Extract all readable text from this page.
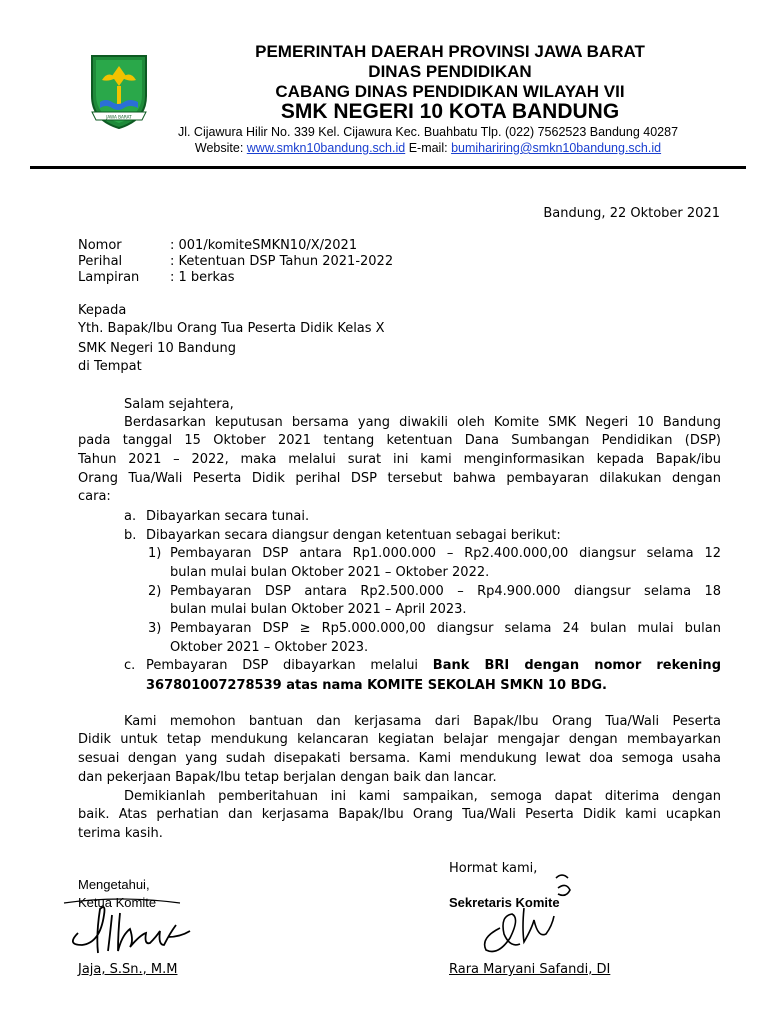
JAWA BARAT
PEMERINTAH DAERAH PROVINSI JAWA BARAT
DINAS PENDIDIKAN
CABANG DINAS PENDIDIKAN WILAYAH VII
SMK NEGERI 10 KOTA BANDUNG
Jl. Cijawura Hilir No. 339 Kel. Cijawura Kec. Buahbatu Tlp. (022) 7562523 Bandung 40287
Website: www.smkn10bandung.sch.id E-mail: bumihariring@smkn10bandung.sch.id
Bandung, 22 Oktober 2021
Nomor	: 001/komiteSMKN10/X/2021
Perihal	: Ketentuan DSP Tahun 2021-2022
Lampiran : 1 berkas
Kepada
Yth. Bapak/Ibu Orang Tua Peserta Didik Kelas X
SMK Negeri 10 Bandung
di Tempat
Salam sejahtera,
Berdasarkan keputusan bersama yang diwakili oleh Komite SMK Negeri 10 Bandung
pada tanggal 15 Oktober 2021 tentang ketentuan Dana Sumbangan Pendidikan (DSP)
Tahun 2021 – 2022, maka melalui surat ini kami menginformasikan kepada Bapak/ibu
Orang Tua/Wali Peserta Didik perihal DSP tersebut bahwa pembayaran dilakukan dengan
cara:
a. Dibayarkan secara tunai.
b. Dibayarkan secara diangsur dengan ketentuan sebagai berikut:
1) Pembayaran DSP antara Rp1.000.000 – Rp2.400.000,00 diangsur selama 12
bulan mulai bulan Oktober 2021 – Oktober 2022.
2) Pembayaran DSP antara Rp2.500.000 – Rp4.900.000 diangsur selama 18
bulan mulai bulan Oktober 2021 – April 2023.
3) Pembayaran DSP ≥ Rp5.000.000,00 diangsur selama 24 bulan mulai bulan
Oktober 2021 – Oktober 2023.
c. Pembayaran DSP dibayarkan melalui Bank BRI dengan nomor rekening
367801007278539 atas nama KOMITE SEKOLAH SMKN 10 BDG.
Kami memohon bantuan dan kerjasama dari Bapak/Ibu Orang Tua/Wali Peserta
Didik untuk tetap mendukung kelancaran kegiatan belajar mengajar dengan membayarkan
sesuai dengan yang sudah disepakati bersama. Kami mendukung lewat doa semoga usaha
dan pekerjaan Bapak/Ibu tetap berjalan dengan baik dan lancar.
Demikianlah pemberitahuan ini kami sampaikan, semoga dapat diterima dengan
baik. Atas perhatian dan kerjasama Bapak/Ibu Orang Tua/Wali Peserta Didik kami ucapkan
terima kasih.
Hormat kami,
Mengetahui,
Ketua Komite
Jaja, S.Sn., M.M
Sekretaris Komite
Rara Maryani Safandi, DI
